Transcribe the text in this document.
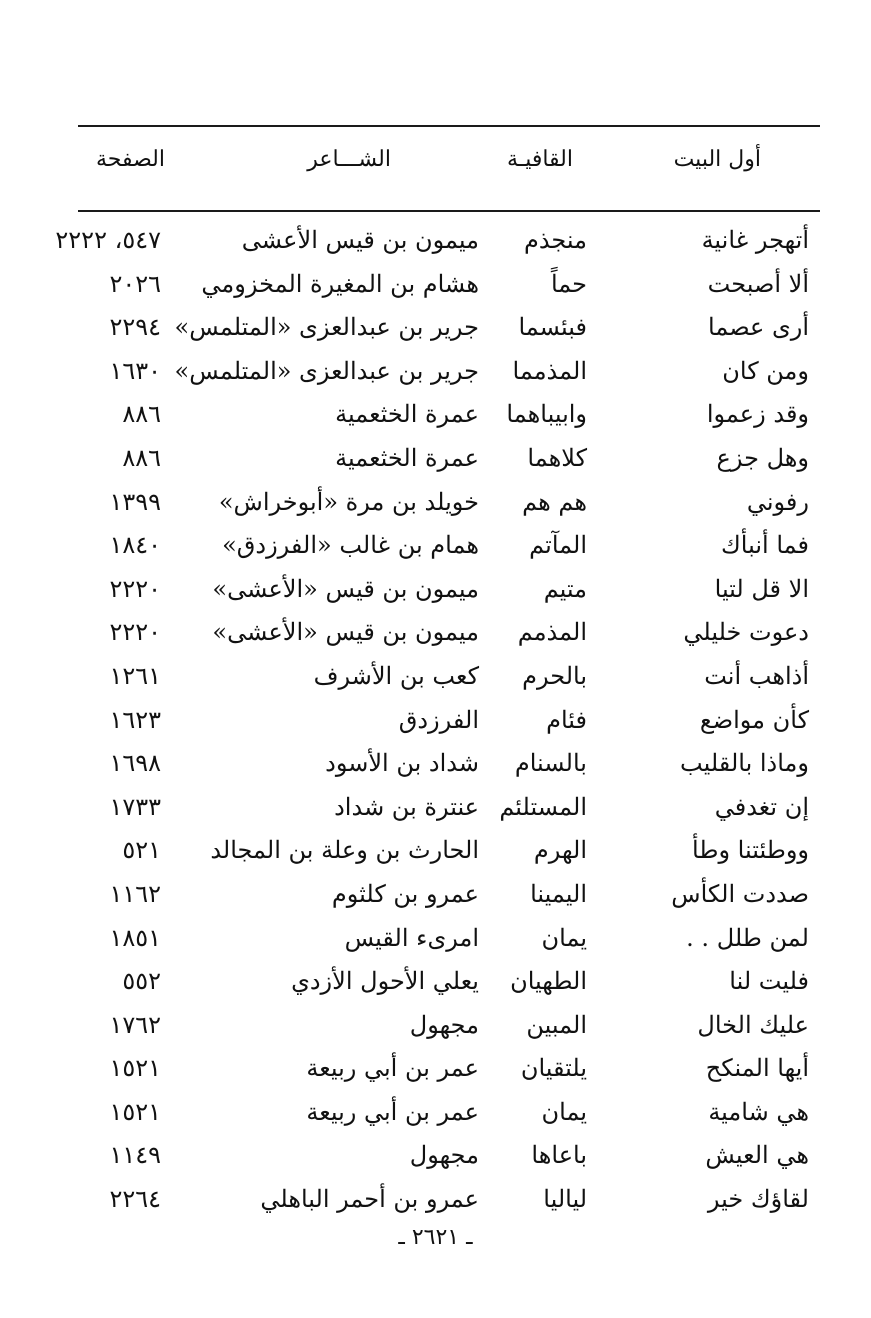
أول البيت
القافيـة
الشـــاعر
الصفحة
أتهجر غانية
منجذم
ميمون بن قيس الأعشى
٥٤٧، ٢٢٢٢
ألا أصبحت
حماً
هشام بن المغيرة المخزومي
٢٠٢٦
أرى عصما
فبئسما
جرير بن عبدالعزى «المتلمس»
٢٢٩٤
ومن كان
المذمما
جرير بن عبدالعزى «المتلمس»
١٦٣٠
وقد زعموا
وابيباهما
عمرة الخثعمية
٨٨٦
وهل جزع
كلاهما
عمرة الخثعمية
٨٨٦
رفوني
هم هم
خويلد بن مرة «أبوخراش»
١٣٩٩
فما أنبأك
المآتم
همام بن غالب «الفرزدق»
١٨٤٠
الا قل لتيا
متيم
ميمون بن قيس «الأعشى»
٢٢٢٠
دعوت خليلي
المذمم
ميمون بن قيس «الأعشى»
٢٢٢٠
أذاهب أنت
بالحرم
كعب بن الأشرف
١٢٦١
كأن مواضع
فئام
الفرزدق
١٦٢٣
وماذا بالقليب
بالسنام
شداد بن الأسود
١٦٩٨
إن تغدفي
المستلئم
عنترة بن شداد
١٧٣٣
ووطئتنا وطأ
الهرم
الحارث بن وعلة بن المجالد
٥٢١
صددت الكأس
اليمينا
عمرو بن كلثوم
١١٦٢
لمن طلل . .
يمان
امرىء القيس
١٨٥١
فليت لنا
الطهيان
يعلي الأحول الأزدي
٥٥٢
عليك الخال
المبين
مجهول
١٧٦٢
أيها المنكح
يلتقيان
عمر بن أبي ربيعة
١٥٢١
هي شامية
يمان
عمر بن أبي ربيعة
١٥٢١
هي العيش
باعاها
مجهول
١١٤٩
لقاؤك خير
لياليا
عمرو بن أحمر الباهلي
٢٢٦٤
ـ ٢٦٢١ ـ
